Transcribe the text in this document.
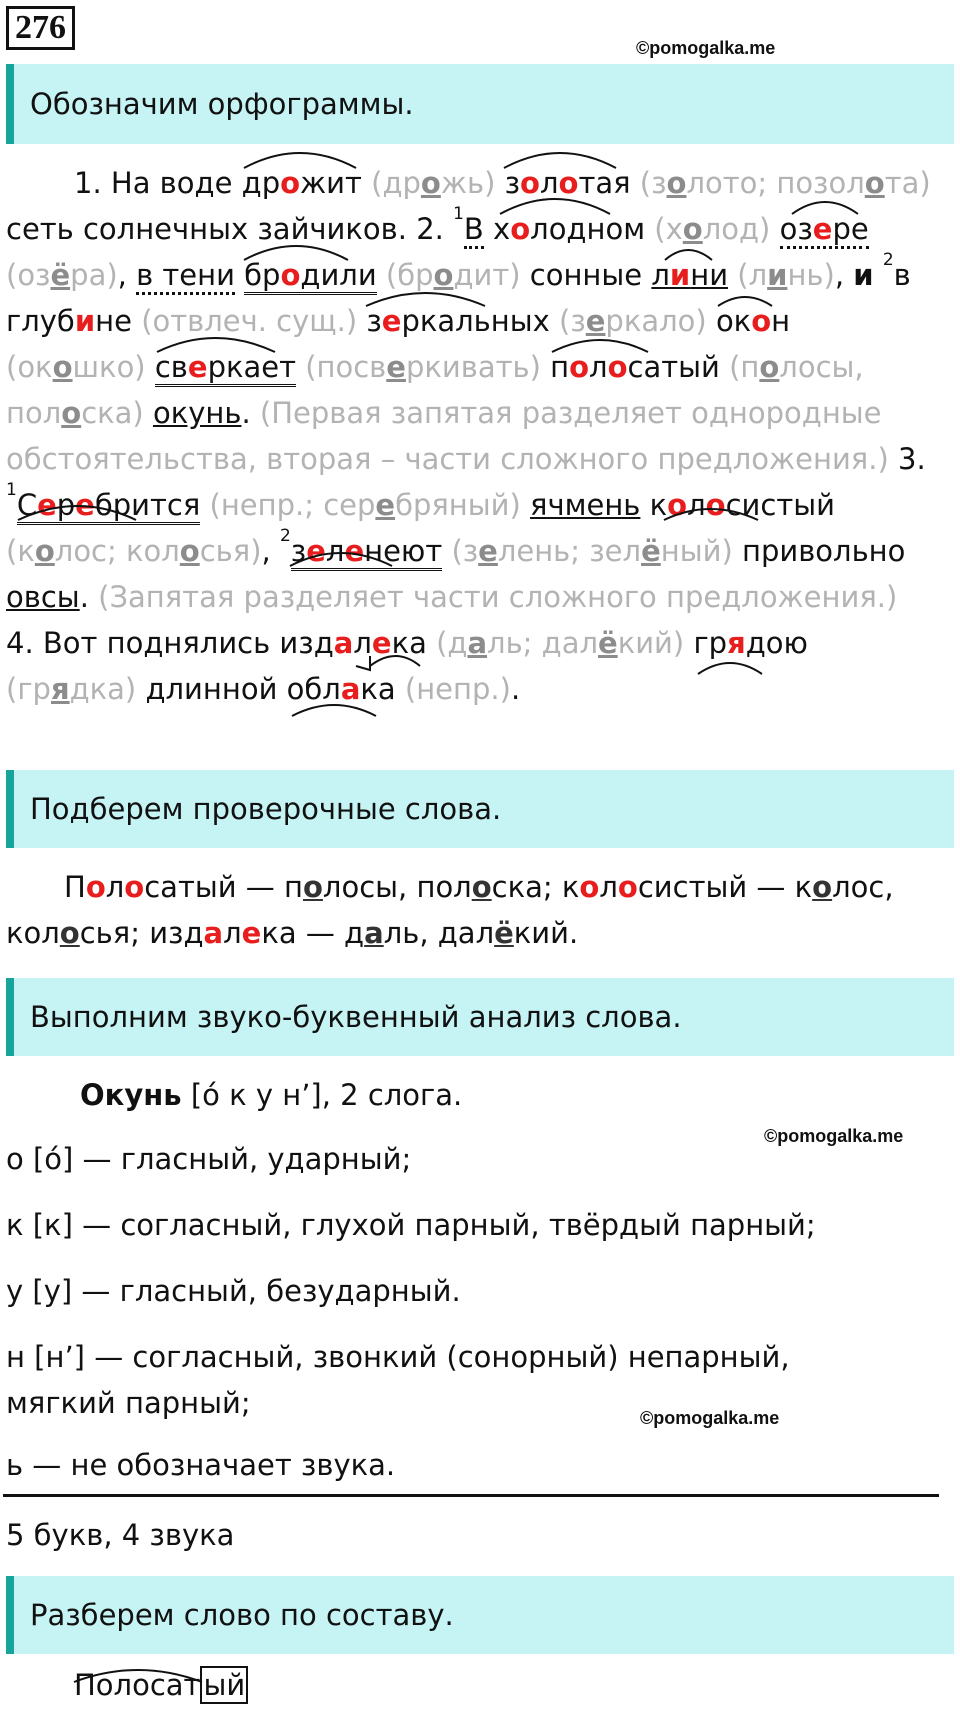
276
©pomogalka.me
Обозначим орфограммы.
1. На воде дрожит (дрожь) золотая (золото; позолота)
сеть солнечных зайчиков. 2. $^1$В холодном (холод) озере
(озёра), в тени бродили (бродит) сонные лини (линь), и $^2$в
глубине (отвлеч. сущ.) зеркальных (зеркало) окон
(окошко) сверкает (посверкивать) полосатый (полосы,
полоска) окунь. (Первая запятая разделяет однородные обстоятельства, вторая – части сложного предложения.) 3.
$^1$Серебрится (непр.; серебряный) ячмень колосистый
(колос; колосья), $^2$зеленеют (зелень; зелёный) привольно
овсы. (Запятая разделяет части сложного предложения.)
4. Вот поднялись издалека (даль; далёкий) грядою
(грядка) длинной облака (непр.).
Подберем проверочные слова.
Полосатый — полосы, полоска; колосистый — колос,
колосья; издалека — даль, далёкий.
Выполним звуко-буквенный анализ слова.
Окунь [ó к у н’], 2 слога.
©pomogalka.me
о [ó] — гласный, ударный;
к [к] — согласный, глухой парный, твёрдый парный;
у [у] — гласный, безударный.
н [н’] — согласный, звонкий (сонорный) непарный,
мягкий парный;	©pomogalka.me
ь — не обозначает звука.
5 букв, 4 звука
Разберем слово по составу.
Полосат ый
